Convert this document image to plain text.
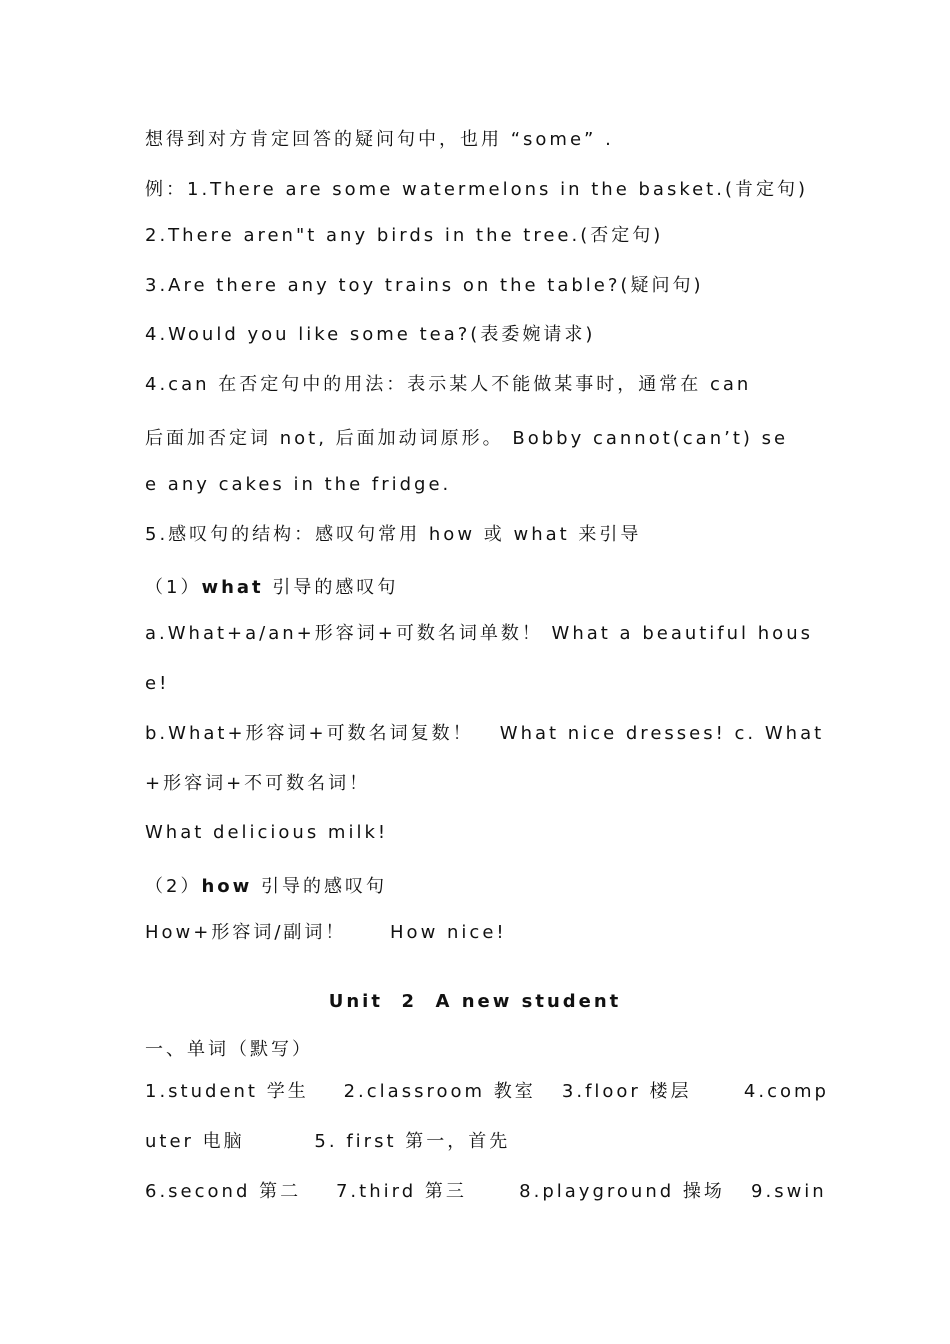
想得到对方肯定回答的疑问句中，也用 “some” .
例：1.There are some watermelons in the basket.(肯定句)
2.There aren"t any birds in the tree.(否定句)
3.Are there any toy trains on the table?(疑问句)
4.Would you like some tea?(表委婉请求)
4.can 在否定句中的用法：表示某人不能做某事时，通常在 can
后面加否定词 not, 后面加动词原形。 Bobby cannot(can’t) se
e any cakes in the fridge.
5.感叹句的结构：感叹句常用 how 或 what 来引导
（1）what 引导的感叹句
a.What+a/an+形容词+可数名词单数！ What a beautiful hous
e!
b.What+形容词+可数名词复数！   What nice dresses! c. What
+形容词+不可数名词！
What delicious milk!
（2）how 引导的感叹句
How+形容词/副词！     How nice!
Unit  2  A new student
一、单词（默写）
1.student 学生    2.classroom 教室   3.floor 楼层      4.comp
uter 电脑        5. first 第一，首先
6.second 第二    7.third 第三      8.playground 操场   9.swin
